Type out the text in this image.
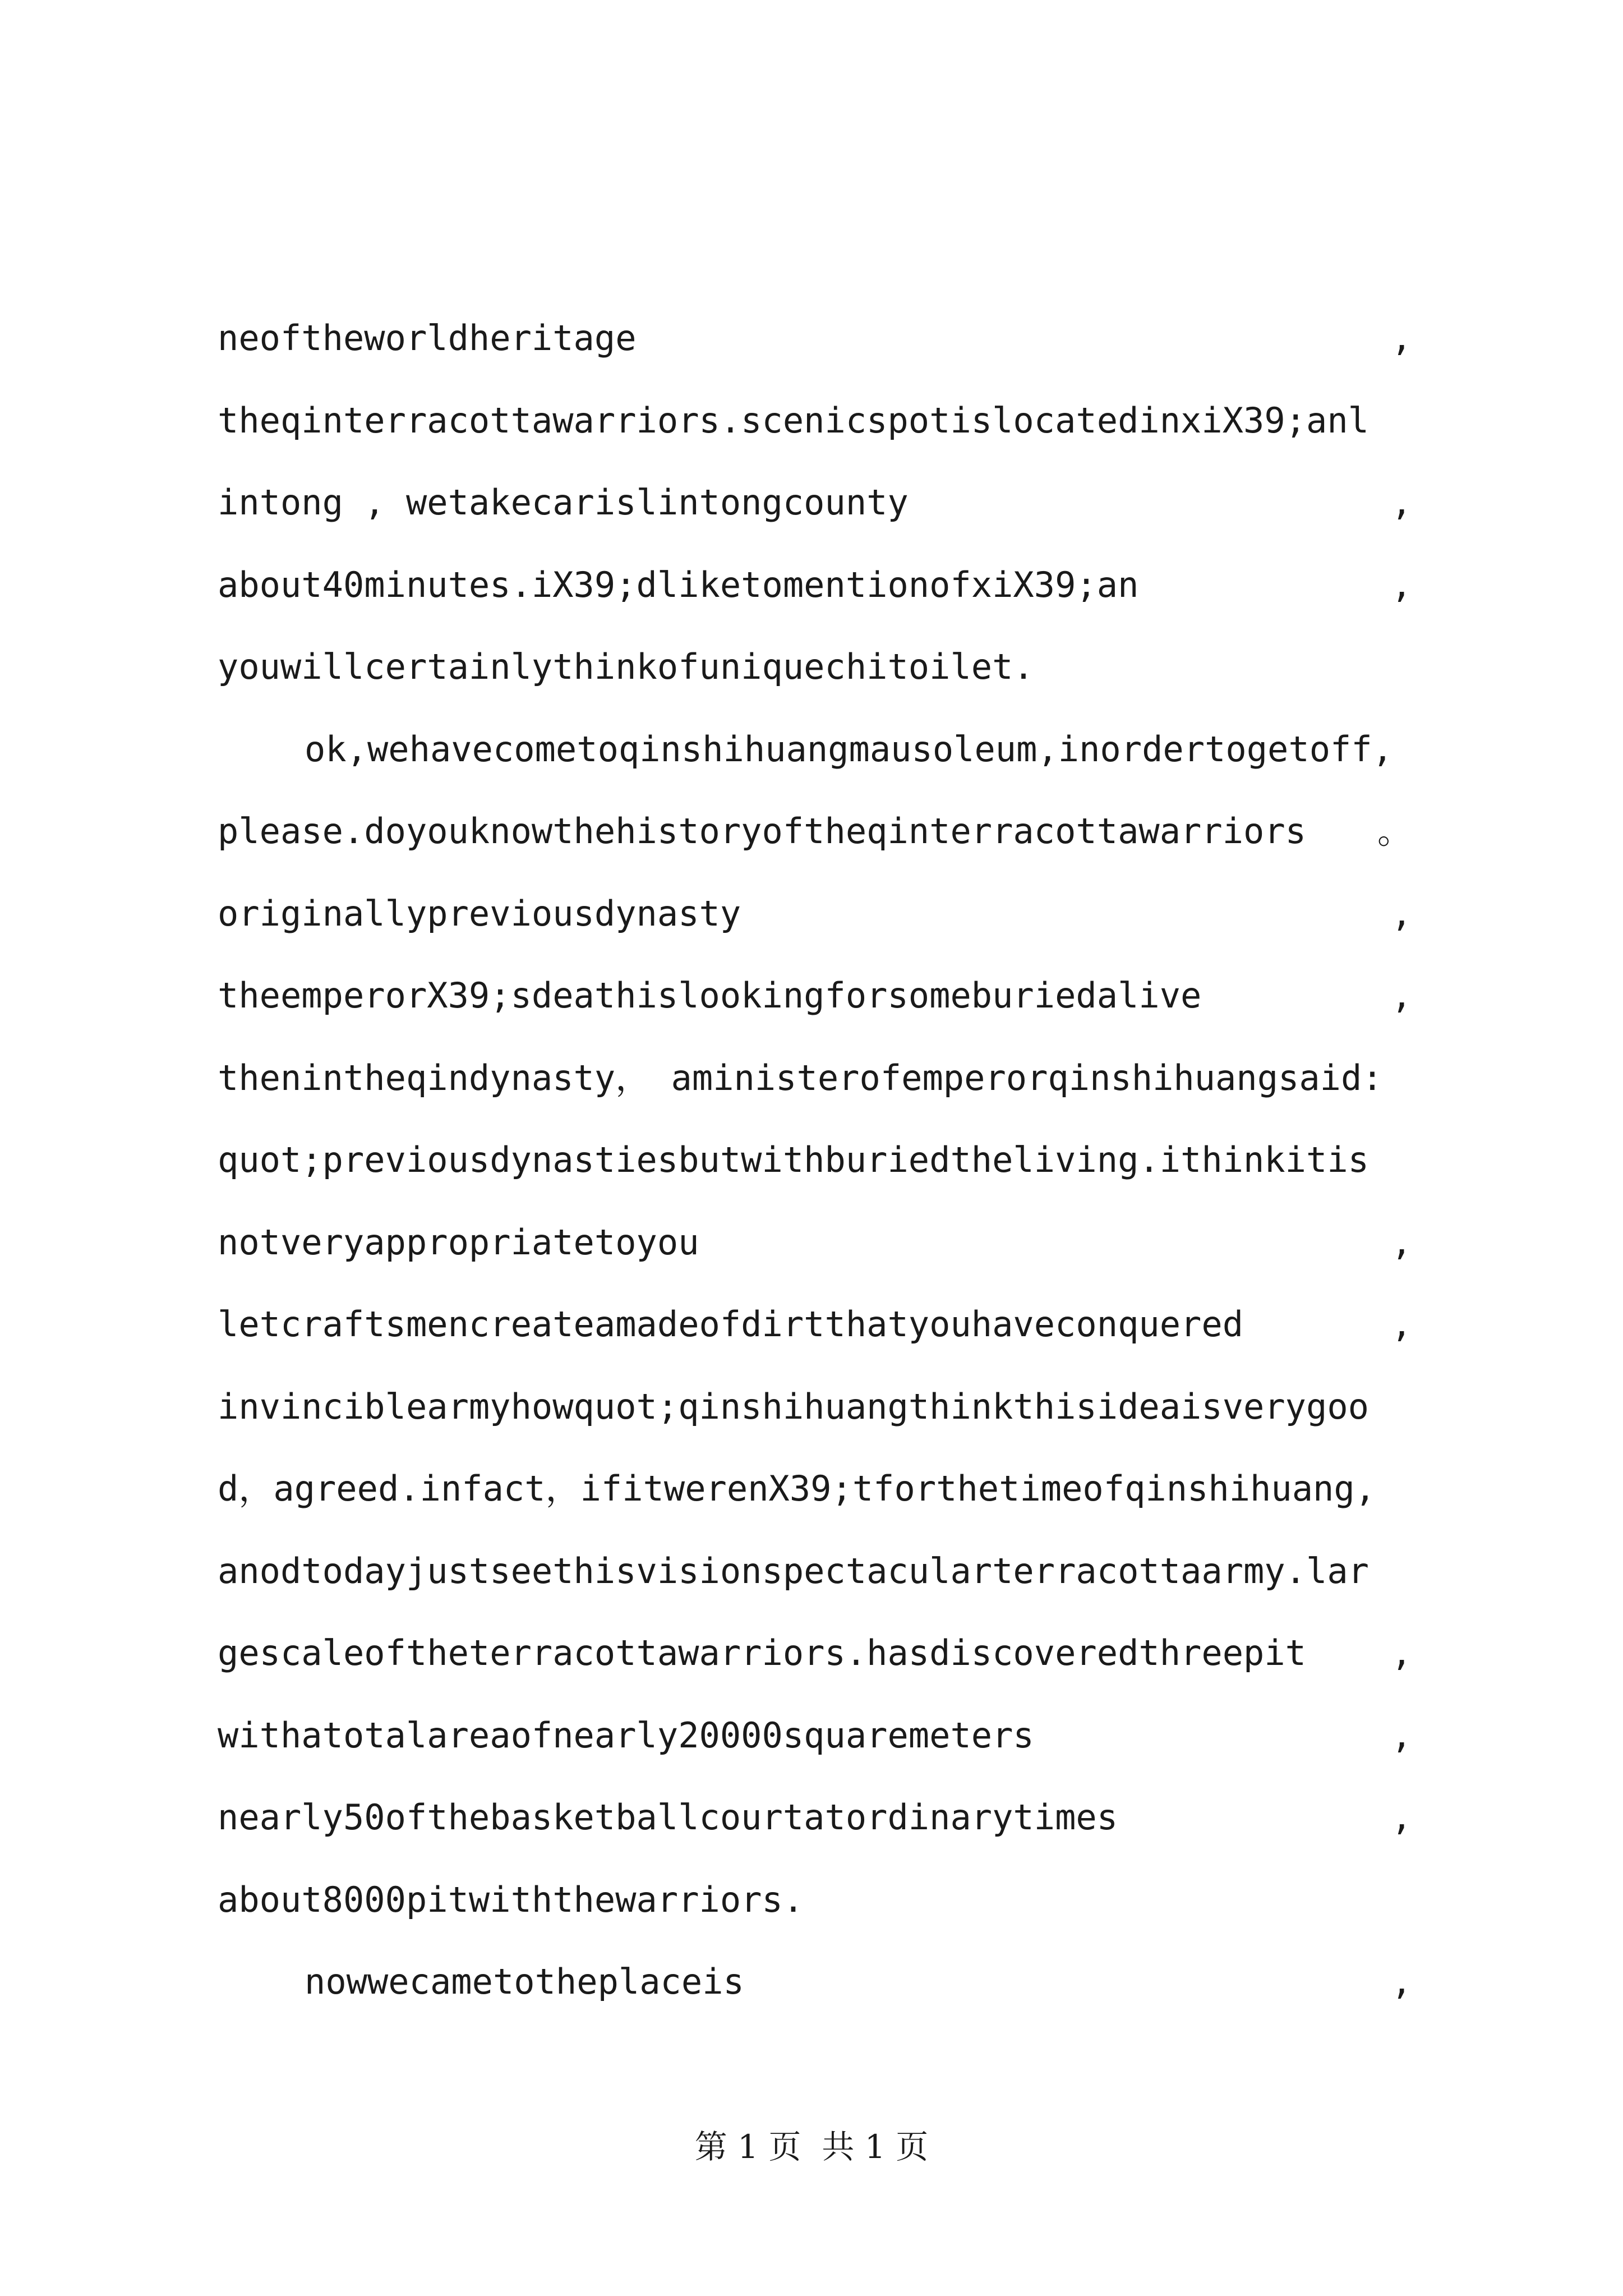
neoftheworldheritage	,
theqinterracottawarriors.scenicspotislocatedinxiX39;anl
intong , wetakecarislintongcounty	,
about40minutes.iX39;dliketomentionofxiX39;an	,
youwillcertainlythinkofuniquechitoilet.
ok,wehavecometoqinshihuangmausoleum,inordertogetoff,
please.doyouknowthehistoryoftheqinterracottawarriors 。
originallypreviousdynasty	,
theemperorX39;sdeathislookingforsomeburiedalive	,
thenintheqindynasty， aministerofemperorqinshihuangsaid:
quot;previousdynastiesbutwithburiedtheliving.ithinkitis
notveryappropriatetoyou	,
letcraftsmencreateamadeofdirtthatyouhaveconquered	,
invinciblearmyhowquot;qinshihuangthinkthisideaisverygoo
d，agreed.infact，ifitwerenX39;tforthetimeofqinshihuang,
anodtodayjustseethisvisionspectacularterracottaarmy.lar
gescaleoftheterracottawarriors.hasdiscoveredthreepit ,
withatotalareaofnearly20000squaremeters	,
nearly50ofthebasketballcourtatordinarytimes	,
about8000pitwiththewarriors.
nowwecametotheplaceis	,
第 1 页  共 1 页
